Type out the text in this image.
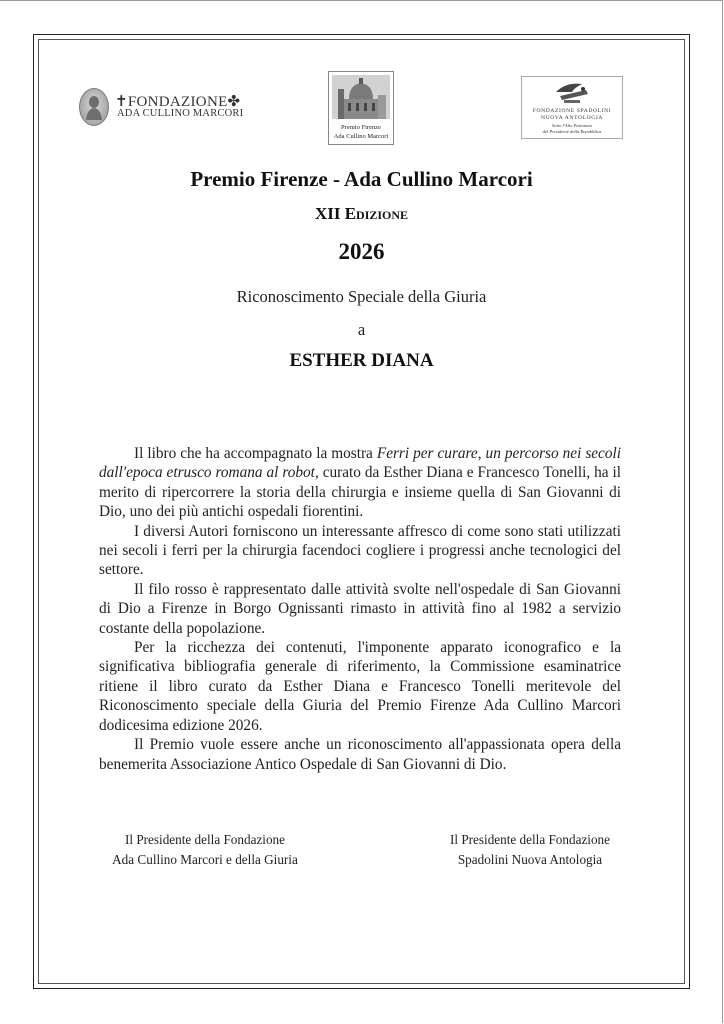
✝FONDAZIONE✤
ADA CULLINO MARCORI
Premio Firenze
Ada Cullino Marcori
FONDAZIONE SPADOLINI
NUOVA ANTOLOGIA
Sotto l'Alto Patronato
del Presidente della Repubblica
Premio Firenze - Ada Cullino Marcori
XII Edizione
2026
Riconoscimento Speciale della Giuria
a
ESTHER DIANA

Il libro che ha accompagnato la mostra Ferri per curare, un percorso nei secoli dall'epoca etrusco romana al robot, curato da Esther Diana e Francesco Tonelli, ha il merito di ripercorrere la storia della chirurgia e insieme quella di San Giovanni di Dio, uno dei più antichi ospedali fiorentini.

I diversi Autori forniscono un interessante affresco di come sono stati utilizzati nei secoli i ferri per la chirurgia facendoci cogliere i progressi anche tecnologici del settore.

Il filo rosso è rappresentato dalle attività svolte nell'ospedale di San Giovanni di Dio a Firenze in Borgo Ognissanti rimasto in attività fino al 1982 a servizio costante della popolazione.

Per la ricchezza dei contenuti, l'imponente apparato iconografico e la significativa bibliografia generale di riferimento, la Commissione esaminatrice ritiene il libro curato da Esther Diana e Francesco Tonelli meritevole del Riconoscimento speciale della Giuria del Premio Firenze Ada Cullino Marcori dodicesima edizione 2026.

Il Premio vuole essere anche un riconoscimento all'appassionata opera della benemerita Associazione Antico Ospedale di San Giovanni di Dio.

Il Presidente della Fondazione
Ada Cullino Marcori e della Giuria
Il Presidente della Fondazione
Spadolini Nuova Antologia
